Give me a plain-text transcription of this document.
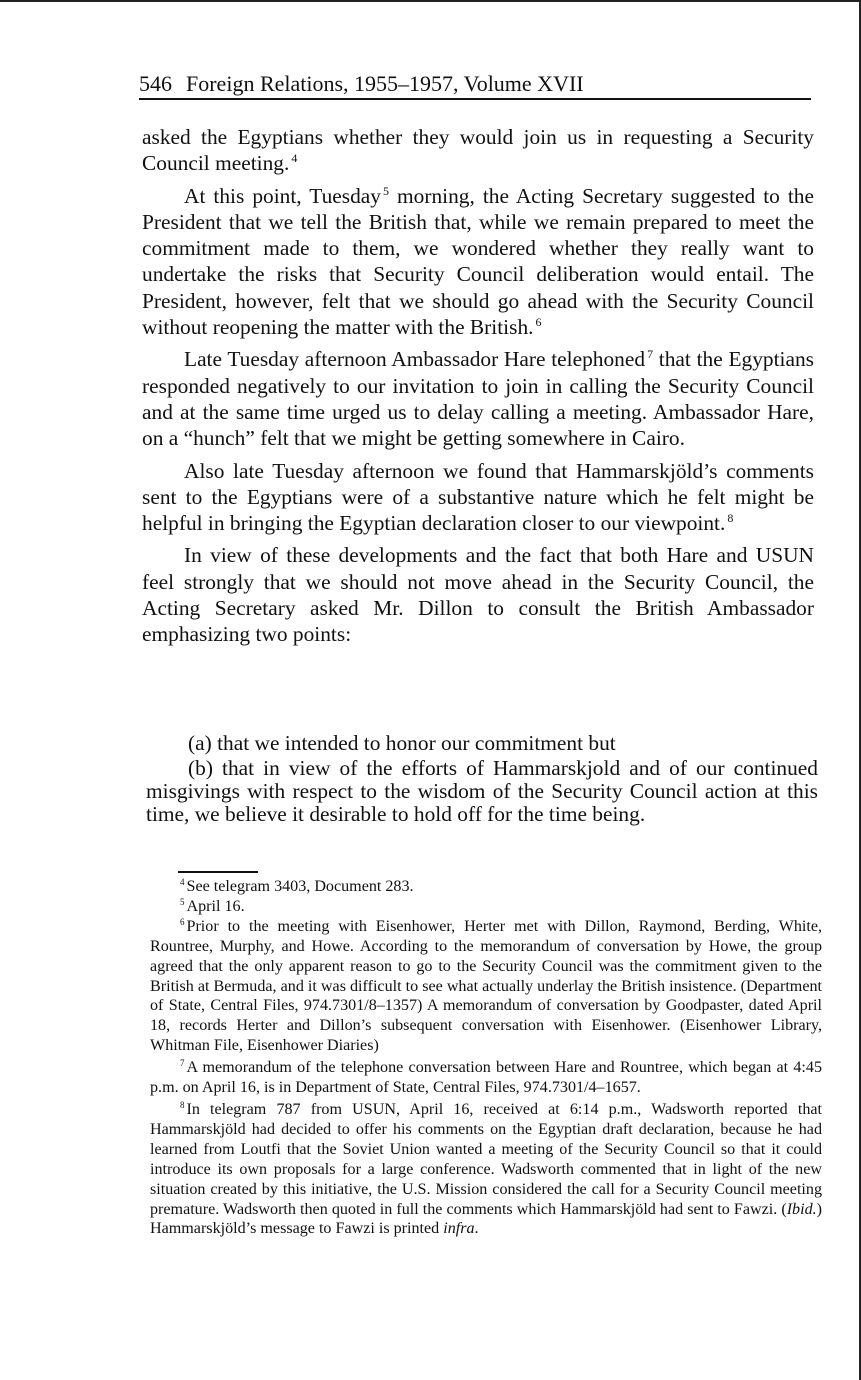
546 Foreign Relations, 1955–1957, Volume XVII

asked the Egyptians whether they would join us in requesting a Security Council meeting. $^4$

At this point, Tuesday $^5$ morning, the Acting Secretary suggested to the President that we tell the British that, while we remain prepared to meet the commitment made to them, we wondered whether they really want to undertake the risks that Security Council deliberation would entail. The President, however, felt that we should go ahead with the Security Council without reopening the matter with the British. $^6$

Late Tuesday afternoon Ambassador Hare telephoned $^7$ that the Egyptians responded negatively to our invitation to join in calling the Security Council and at the same time urged us to delay calling a meeting. Ambassador Hare, on a “hunch” felt that we might be getting somewhere in Cairo.

Also late Tuesday afternoon we found that Hammarskjöld’s comments sent to the Egyptians were of a substantive nature which he felt might be helpful in bringing the Egyptian declaration closer to our viewpoint. $^8$

In view of these developments and the fact that both Hare and USUN feel strongly that we should not move ahead in the Security Council, the Acting Secretary asked Mr. Dillon to consult the British Ambassador emphasizing two points:

(a) that we intended to honor our commitment but

(b) that in view of the efforts of Hammarskjold and of our continued misgivings with respect to the wisdom of the Security Council action at this time, we believe it desirable to hold off for the time being.

$^4$ See telegram 3403, Document 283.

$^5$ April 16.

$^6$ Prior to the meeting with Eisenhower, Herter met with Dillon, Raymond, Berding, White, Rountree, Murphy, and Howe. According to the memorandum of conversation by Howe, the group agreed that the only apparent reason to go to the Security Council was the commitment given to the British at Bermuda, and it was difficult to see what actually underlay the British insistence. (Department of State, Central Files, 974.7301/8–1357) A memorandum of conversation by Goodpaster, dated April 18, records Herter and Dillon’s subsequent conversation with Eisenhower. (Eisenhower Library, Whitman File, Eisenhower Diaries)

$^7$ A memorandum of the telephone conversation between Hare and Rountree, which began at 4:45 p.m. on April 16, is in Department of State, Central Files, 974.7301/4–1657.

$^8$ In telegram 787 from USUN, April 16, received at 6:14 p.m., Wadsworth reported that Hammarskjöld had decided to offer his comments on the Egyptian draft declaration, because he had learned from Loutfi that the Soviet Union wanted a meeting of the Security Council so that it could introduce its own proposals for a large conference. Wadsworth commented that in light of the new situation created by this initiative, the U.S. Mission considered the call for a Security Council meeting premature. Wadsworth then quoted in full the comments which Hammarskjöld had sent to Fawzi. (Ibid.) Hammarskjöld’s message to Fawzi is printed infra.
